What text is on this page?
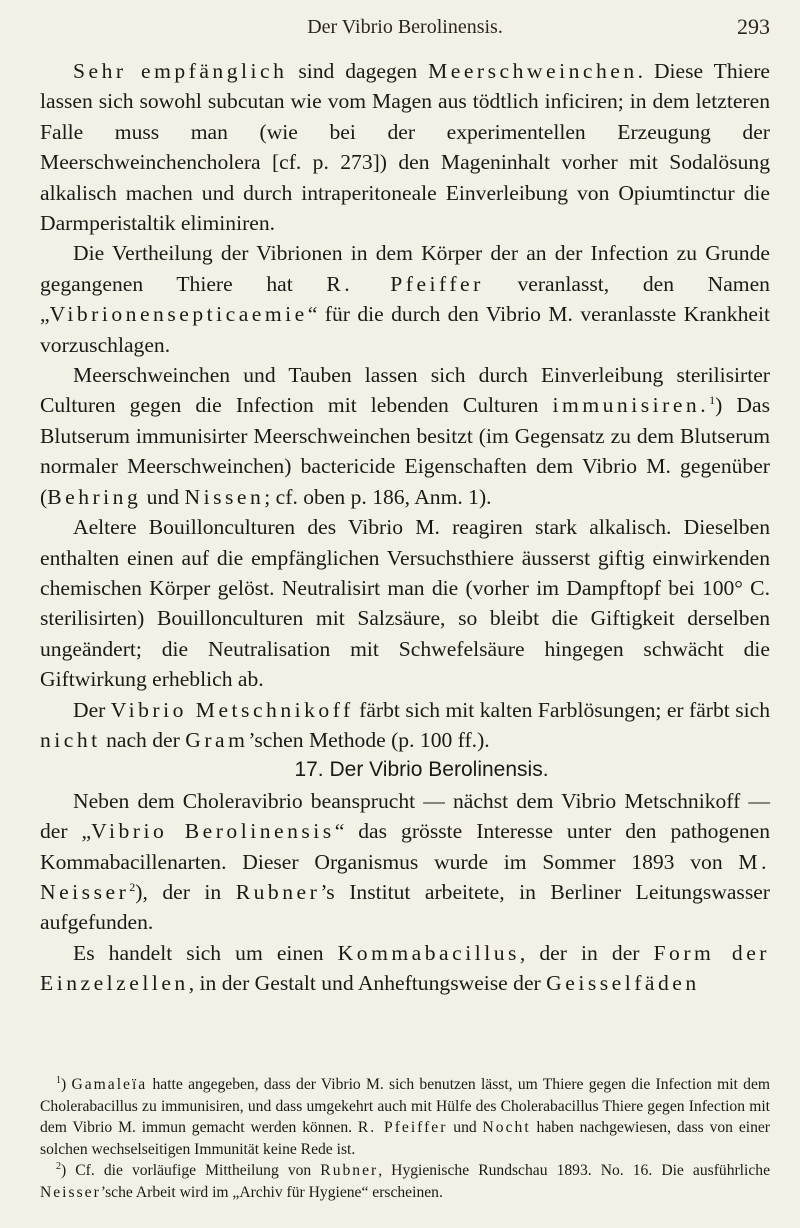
Der Vibrio Berolinensis.	293

Sehr empfänglich sind dagegen Meerschweinchen. Diese Thiere lassen sich sowohl subcutan wie vom Magen aus tödtlich inficiren; in dem letzteren Falle muss man (wie bei der experimentellen Erzeugung der Meerschweinchencholera [cf. p. 273]) den Mageninhalt vorher mit Sodalösung alkalisch machen und durch intraperitoneale Einverleibung von Opiumtinctur die Darmperistaltik eliminiren.

Die Vertheilung der Vibrionen in dem Körper der an der Infection zu Grunde gegangenen Thiere hat R. Pfeiffer veranlasst, den Namen „Vibrionensepticaemie“ für die durch den Vibrio M. veranlasste Krankheit vorzuschlagen.

Meerschweinchen und Tauben lassen sich durch Einverleibung sterilisirter Culturen gegen die Infection mit lebenden Culturen immunisiren.$^1$) Das Blutserum immunisirter Meerschweinchen besitzt (im Gegensatz zu dem Blutserum normaler Meerschweinchen) bactericide Eigenschaften dem Vibrio M. gegenüber (Behring und Nissen; cf. oben p. 186, Anm. 1).

Aeltere Bouillonculturen des Vibrio M. reagiren stark alkalisch. Dieselben enthalten einen auf die empfänglichen Versuchsthiere äusserst giftig einwirkenden chemischen Körper gelöst. Neutralisirt man die (vorher im Dampftopf bei 100° C. sterilisirten) Bouillonculturen mit Salzsäure, so bleibt die Giftigkeit derselben ungeändert; die Neutralisation mit Schwefelsäure hingegen schwächt die Giftwirkung erheblich ab.

Der Vibrio Metschnikoff färbt sich mit kalten Farblösungen; er färbt sich nicht nach der Gram’schen Methode (p. 100 ff.).

17. Der Vibrio Berolinensis.

Neben dem Choleravibrio beansprucht — nächst dem Vibrio Metschnikoff — der „Vibrio Berolinensis“ das grösste Interesse unter den pathogenen Kommabacillenarten. Dieser Organismus wurde im Sommer 1893 von M. Neisser$^2$), der in Rubner’s Institut arbeitete, in Berliner Leitungswasser aufgefunden.

Es handelt sich um einen Kommabacillus, der in der Form der Einzelzellen, in der Gestalt und Anheftungsweise der Geisselfäden

$^1$) Gamaleïa hatte angegeben, dass der Vibrio M. sich benutzen lässt, um Thiere gegen die Infection mit dem Cholerabacillus zu immunisiren, und dass umgekehrt auch mit Hülfe des Cholerabacillus Thiere gegen Infection mit dem Vibrio M. immun gemacht werden können. R. Pfeiffer und Nocht haben nachgewiesen, dass von einer solchen wechselseitigen Immunität keine Rede ist.

$^2$) Cf. die vorläufige Mittheilung von Rubner, Hygienische Rundschau 1893. No. 16. Die ausführliche Neisser’sche Arbeit wird im „Archiv für Hygiene“ erscheinen.
